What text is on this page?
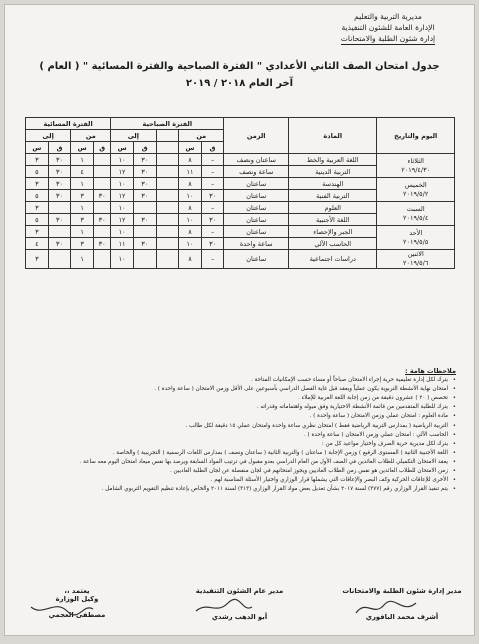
مديرية التربية والتعليم
الإدارة العامة للشئون التنفيذية
إدارة شئون الطلبة والامتحانات
جدول امتحان الصف الثاني الأعدادي " الفترة الصباحية والفترة المسائية " ( العام )
آخر العام ٢٠١٨ / ٢٠١٩
اليوم والتاريخ	المادة	الزمن	الفترة الصباحية					الفترة المسائية			
			من			إلى		من		إلى	
			ق	س		ق	س	ق	س	ق	س

الثلاثاء
٢٠١٩/٤/٣٠	اللغة العربية والخط	ساعتان ونصف	–	٨		٣٠	١٠		١	٣٠	٣
	التربية الدينية	ساعة ونصف	–	١١		٣٠	١٢		٤	٣٠	٥

الخميس
٢٠١٩/٥/٢	الهندسة	ساعتان	–	٨		٣٠	١٠		١	٣٠	٣
	التربية الفنية	ساعتان	٣٠	١٠		٣٠	١٢	٣٠	٣	٣٠	٥

السبت
٢٠١٩/٥/٤	العلوم	ساعتان	–	٨			١٠		١		٣
	اللغة الأجنبية	ساعتان	٣٠	١٠		٣٠	١٢	٣٠	٣	٣٠	٥

الأحد
٢٠١٩/٥/٥	الجبر والإحصاء	ساعتان	–	٨			١٠		١		٣
	الحاسب الآلي	ساعة واحدة	٣٠	١٠		٣٠	١١	٣٠	٣	٣٠	٤

الاثنين
٢٠١٩/٥/٦	دراسات اجتماعية	ساعتان	–	٨			١٠		١		٣
ملاحظات هامة :
•
يترك لكل إدارة تعليمية حرية إجراء الامتحان صباحاً أو مساء حسب الإمكانيات المتاحة .
•
امتحان نهاية الأنشطة التربوية يكون عملياً ويعقد قبل غاية الفصل الدراسي بأسبوعين على الأقل وزمن الامتحان ( ساعة واحدة ) .
•
تخصص ( ٢٠ ) عشرون دقيقة من زمن إجابة اللغة العربية للإملاء .
•
يترك للطلبة المتقدمين من قائمة الأنشطة الاختيارية وفق ميوله واهتماماته وقدراته .
•
مادة العلوم : امتحان عملي وزمن الامتحان ( ساعة واحدة ) .
•
التربية الرياضية ( بمدارس التربية الرياضية فقط ) امتحان نظري ساعة واحدة وامتحان عملي ١٥ دقيقة لكل طالب .
•
الحاسب الآلي : امتحان عملي وزمن الامتحان ( ساعة واحدة ) .
•
يترك لكل مديرية حرية الصرف واختيار مواعيد كل من :
•
اللغة الأجنبية الثانية ( المستوى الرفيع ) وزمن الإجابة ( ساعتان ) والتربية الثانية ( ساعتان ونصف ) بمدارس اللغات الرسمية ( التجريبية ) والخاصة .
•
يعقد الامتحان التكميلي للطلاب العائدين في الصف الأول من العام الدراسي بعدو مقبول في ترتيب المواد السابقة ويرصد بها نفس ميعاد امتحان اليوم معه ساعة .
•
زمن الامتحان للطلاب العائدين هو نفس زمن الطلاب العاديين ويجوز امتحانهم في لجان منفصلة عن لجان الطلبة العاديين .
•
الأخرى للإعاقات الحركية وكف البصر والإعاقات التي يشملها قرار الوزاري واختيار الأسئلة المناسبة لهم .
•
يتم تنفيذ القرار الوزاري رقم (٣٧٧) لسنة ٢٠١٧ بشأن تعديل بعض مواد القرار الوزاري (٣١٣) لسنة ٢٠١١ والخاص بإعادة تنظيم التقويم التربوي الشامل .
مدير إدارة شئون الطلبة والامتحانات
أشرف محمد البافوري
مدير عام الشئون التنفيذية
أبو الدهب رشدي
يعتمد ،،
وكيل الوزارة
مصطفى العجمي
